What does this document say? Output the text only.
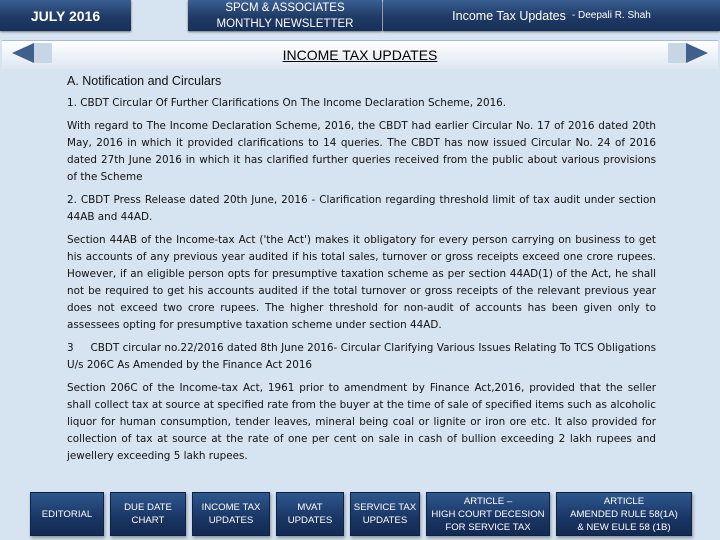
JULY 2016	SPCM & ASSOCIATES
MONTHLY NEWSLETTER
Income Tax Updates - Deepali R. Shah
INCOME TAX UPDATES
A. Notification and Circulars

1. CBDT Circular Of Further Clarifications On The Income Declaration Scheme, 2016.

With regard to The Income Declaration Scheme, 2016, the CBDT had earlier Circular No. 17 of 2016 dated 20th May, 2016 in which it provided clarifications to 14 queries. The CBDT has now issued Circular No. 24 of 2016 dated 27th June 2016 in which it has clarified further queries received from the public about various provisions of the Scheme

2. CBDT Press Release dated 20th June, 2016 - Clarification regarding threshold limit of tax audit under section 44AB and 44AD.

Section 44AB of the Income-tax Act ('the Act') makes it obligatory for every person carrying on business to get his accounts of any previous year audited if his total sales, turnover or gross receipts exceed one crore rupees. However, if an eligible person opts for presumptive taxation scheme as per section 44AD(1) of the Act, he shall not be required to get his accounts audited if the total turnover or gross receipts of the relevant previous year does not exceed two crore rupees. The higher threshold for non-audit of accounts has been given only to assessees opting for presumptive taxation scheme under section 44AD.

3     CBDT circular no.22/2016 dated 8th June 2016- Circular Clarifying Various Issues Relating To TCS Obligations U/s 206C As Amended by the Finance Act 2016

Section 206C of the Income-tax Act, 1961 prior to amendment by Finance Act,2016, provided that the seller shall collect tax at source at specified rate from the buyer at the time of sale of specified items such as alcoholic liquor for human consumption, tender leaves, mineral being coal or lignite or iron ore etc. It also provided for collection of tax at source at the rate of one per cent on sale in cash of bullion exceeding 2 lakh rupees and jewellery exceeding 5 lakh rupees.

EDITORIAL
DUE DATE
CHART
INCOME TAX
UPDATES
MVAT
UPDATES
SERVICE TAX
UPDATES
ARTICLE –
HIGH COURT DECESION
FOR SERVICE TAX
ARTICLE
AMENDED RULE 58(1A)
& NEW EULE 58 (1B)
